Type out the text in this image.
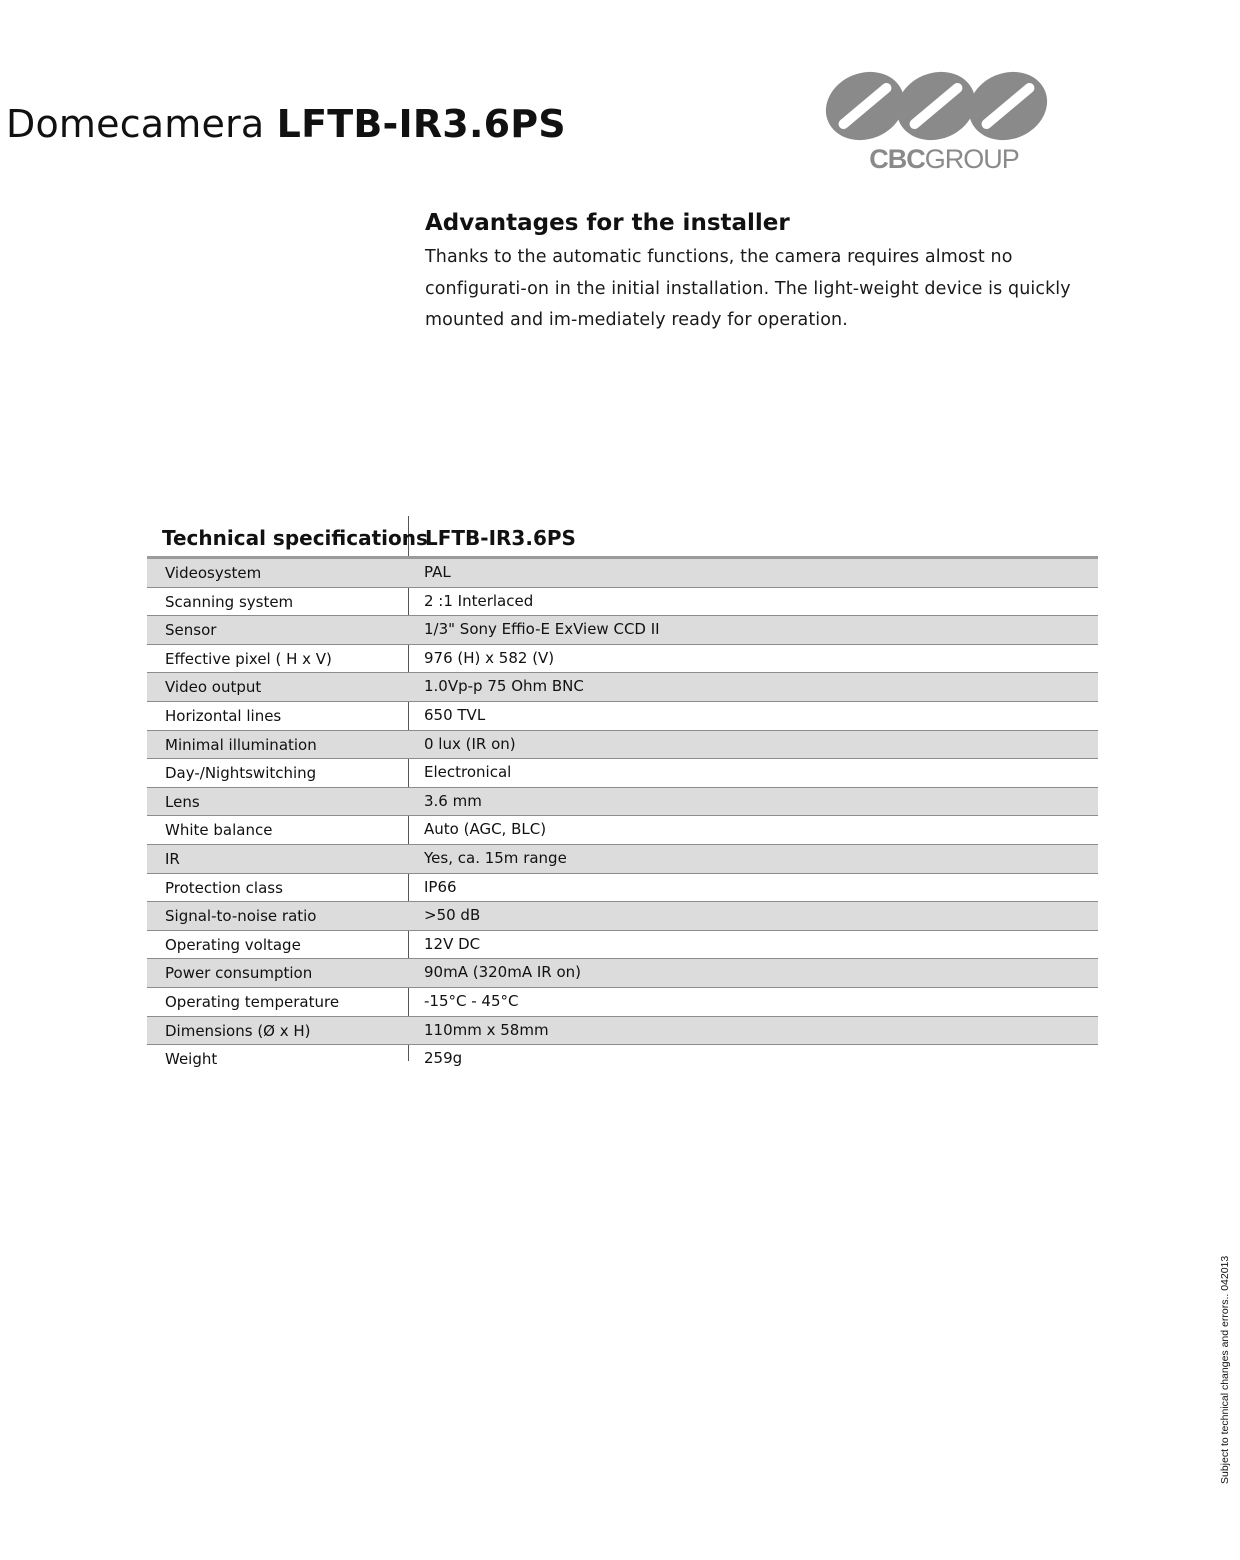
Domecamera LFTB-IR3.6PS
CBCGROUP
Advantages for the installer

Thanks to the automatic functions, the camera requires almost no configurati-on in the initial installation. The light-weight device is quickly mounted and im-mediately ready for operation.

Technical specifications
LFTB-IR3.6PS
Videosystem	PAL
Scanning system	2 :1 Interlaced
Sensor	1/3" Sony Effio-E ExView CCD II
Effective pixel ( H x V)	976 (H) x 582 (V)
Video output	1.0Vp-p 75 Ohm BNC
Horizontal lines	650 TVL
Minimal illumination	0 lux (IR on)
Day-/Nightswitching	Electronical
Lens	3.6 mm
White balance	Auto (AGC, BLC)
IR	Yes, ca. 15m range
Protection class	IP66
Signal-to-noise ratio	>50 dB
Operating voltage	12V DC
Power consumption	90mA (320mA IR on)
Operating temperature	-15°C - 45°C
Dimensions (Ø x H)	110mm x 58mm
Weight	259g
Subject to technical changes and errors.. 042013
